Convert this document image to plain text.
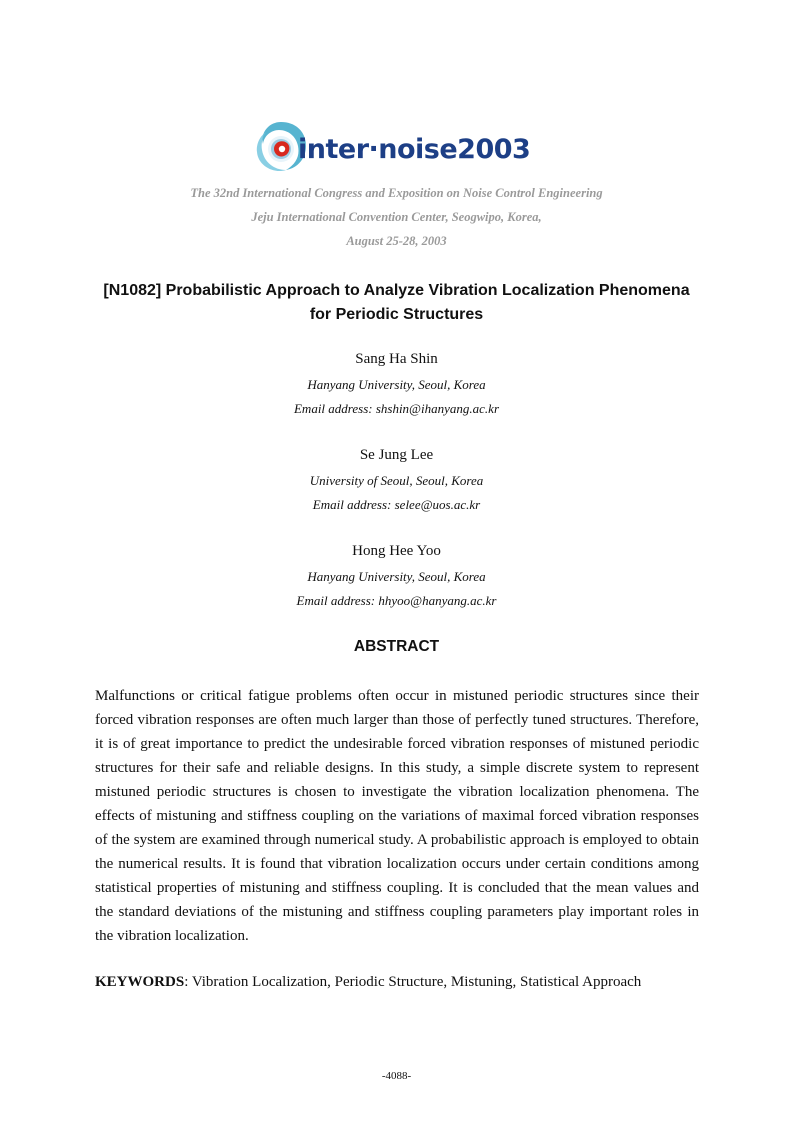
inter·noise2003
The 32nd International Congress and Exposition on Noise Control Engineering
Jeju International Convention Center, Seogwipo, Korea,
August 25-28, 2003
[N1082] Probabilistic Approach to Analyze Vibration Localization Phenomena
for Periodic Structures
Sang Ha Shin
Hanyang University, Seoul, Korea
Email address: shshin@ihanyang.ac.kr
Se Jung Lee
University of Seoul, Seoul, Korea
Email address: selee@uos.ac.kr
Hong Hee Yoo
Hanyang University, Seoul, Korea
Email address: hhyoo@hanyang.ac.kr
ABSTRACT
Malfunctions or critical fatigue problems often occur in mistuned periodic structures since their forced vibration responses are often much larger than those of perfectly tuned structures. Therefore, it is of great importance to predict the undesirable forced vibration responses of mistuned periodic structures for their safe and reliable designs. In this study, a simple discrete system to represent mistuned periodic structures is chosen to investigate the vibration localization phenomena. The effects of mistuning and stiffness coupling on the variations of maximal forced vibration responses of the system are examined through numerical study. A probabilistic approach is employed to obtain the numerical results. It is found that vibration localization occurs under certain conditions among statistical properties of mistuning and stiffness coupling. It is concluded that the mean values and the standard deviations of the mistuning and stiffness coupling parameters play important roles in the vibration localization.
KEYWORDS: Vibration Localization, Periodic Structure, Mistuning, Statistical Approach
-4088-
